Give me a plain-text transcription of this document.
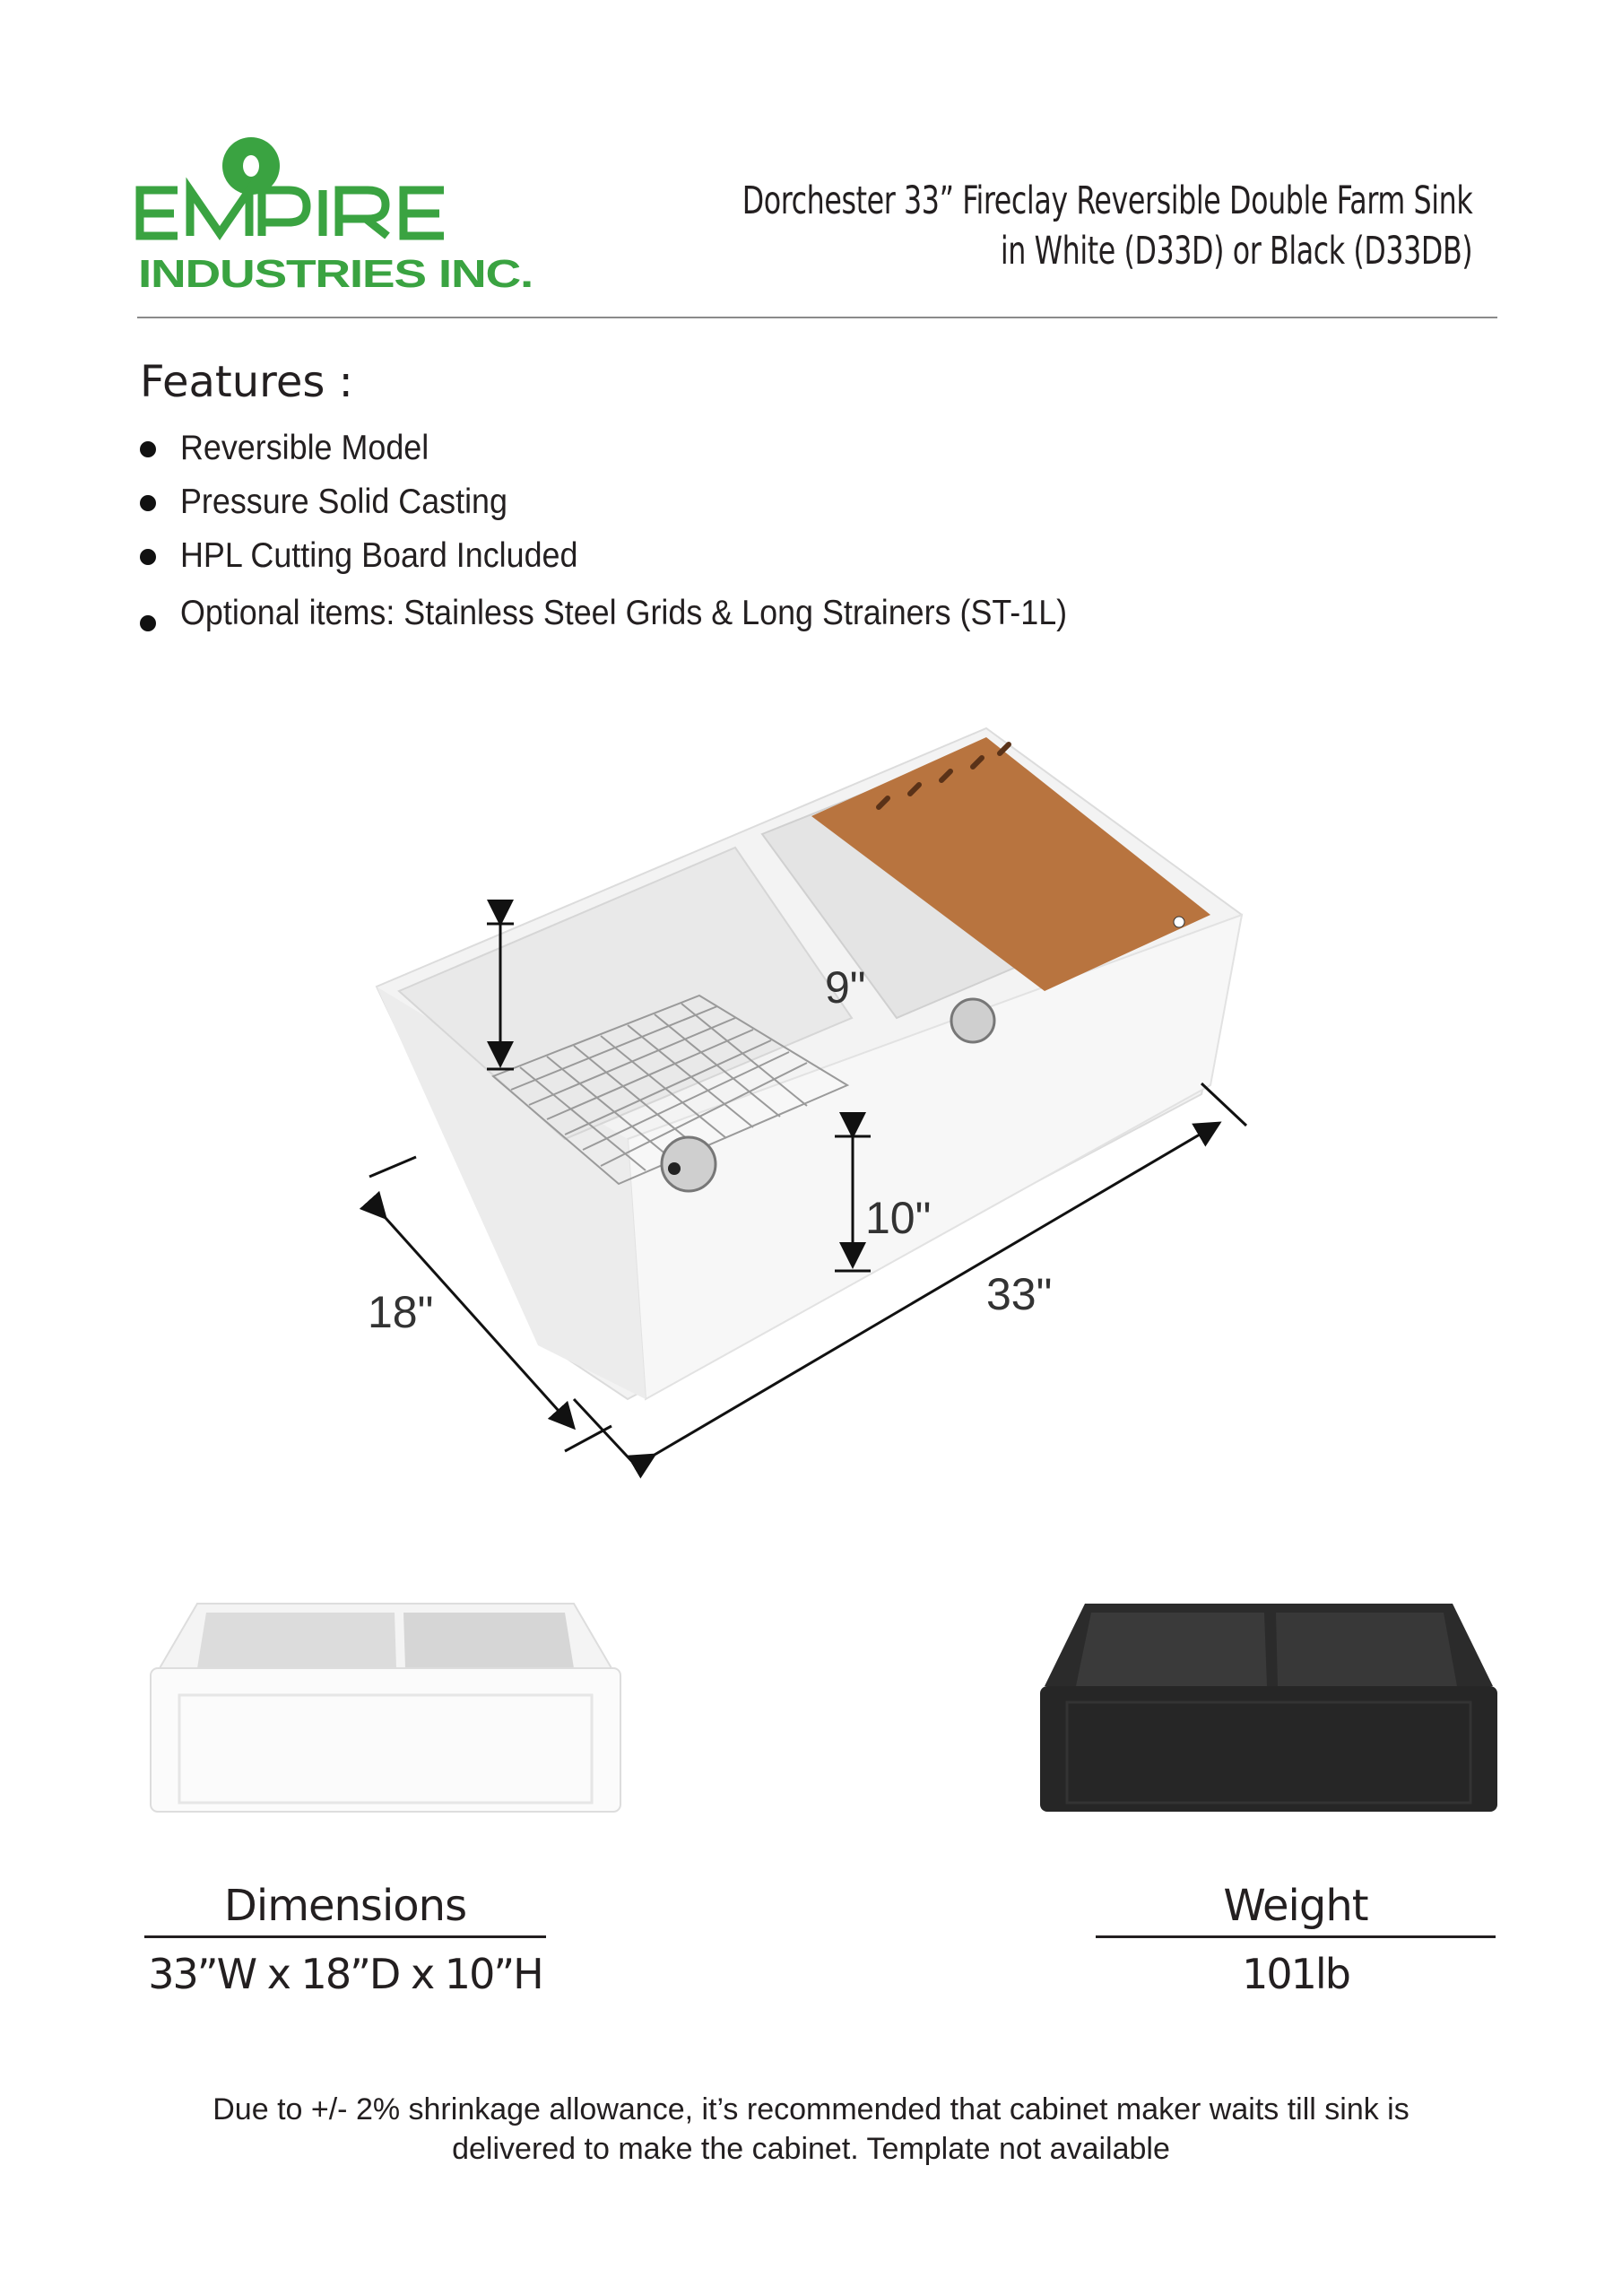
INDUSTRIES INC.
Dorchester 33” Fireclay Reversible Double Farm Sink
in White (D33D) or Black (D33DB)
Features :
Reversible Model
Pressure Solid Casting
HPL Cutting Board Included
Optional items: Stainless Steel Grids & Long Strainers (ST-1L)
9"
10"
33"
18"
Dimensions
33”W x 18”D x 10”H
Weight
101lb
Due to +/- 2% shrinkage allowance, it’s recommended that cabinet maker waits till sink is
delivered to make the cabinet. Template not available
